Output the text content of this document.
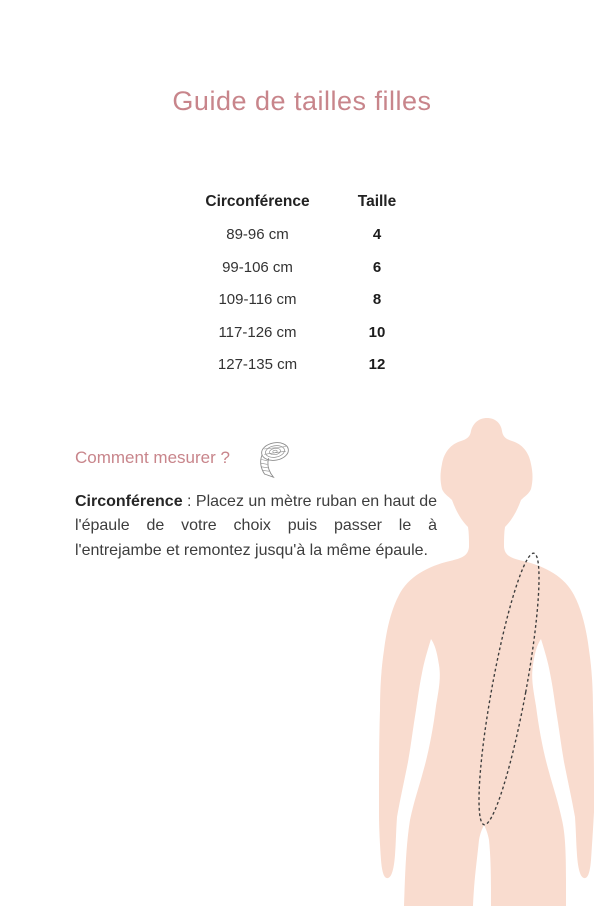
Guide de tailles filles
Circonférence	Taille
89-96 cm	4
99-106 cm	6
109-116 cm	8
117-126 cm	10
127-135 cm	12
Comment mesurer ?
Circonférence : Placez un mètre ruban en haut de l'épaule de votre choix puis passer le à l'entrejambe et remontez jusqu'à la même épaule.
